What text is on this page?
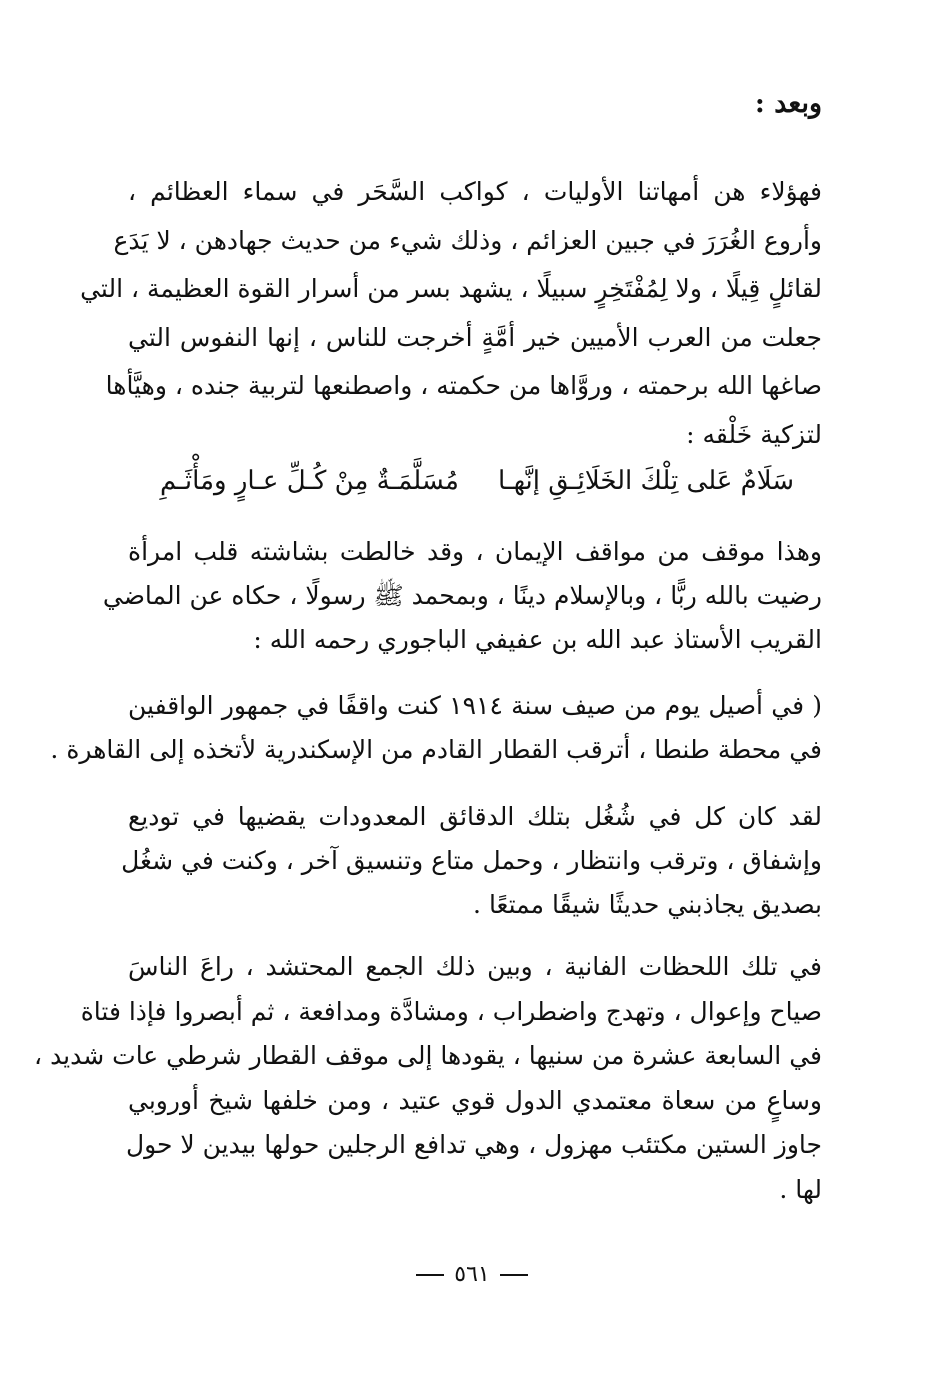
وبعد :
فهؤلاء هن أمهاتنا الأوليات ، كواكب السَّحَر في سماء العظائم ،
وأروع الغُرَرَ في جبين العزائم ، وذلك شيء من حديث جهادهن ، لا يَدَع
لقائلٍ قِيلًا ، ولا لِمُفْتَخِرٍ سبيلًا ، يشهد بسر من أسرار القوة العظيمة ، التي
جعلت من العرب الأميين خير أمَّةٍ أخرجت للناس ، إنها النفوس التي
صاغها الله برحمته ، وروَّاها من حكمته ، واصطنعها لتربية جنده ، وهيَّأها
لتزكية خَلْقه :
سَلَامٌ عَلى تِلْكَ الخَلَائِـقِ إنَّهـا
مُسَلَّمَـةٌ مِنْ كُـلِّ عـارٍ ومَأْثَـمِ
وهذا موقف من مواقف الإيمان ، وقد خالطت بشاشته قلب امرأة
رضيت بالله ربًّا ، وبالإسلام دينًا ، وبمحمد ﷺ رسولًا ، حكاه عن الماضي
القريب الأستاذ عبد الله بن عفيفي الباجوري رحمه الله :
( في أصيل يوم من صيف سنة ١٩١٤ كنت واقفًا في جمهور الواقفين
في محطة طنطا ، أترقب القطار القادم من الإسكندرية لأتخذه إلى القاهرة .
لقد كان كل في شُغُل بتلك الدقائق المعدودات يقضيها في توديع
وإشفاق ، وترقب وانتظار ، وحمل متاع وتنسيق آخر ، وكنت في شغُل
بصديق يجاذبني حديثًا شيقًا ممتعًا .
في تلك اللحظات الفانية ، وبين ذلك الجمع المحتشد ، راعَ الناسَ
صياح وإعوال ، وتهدج واضطراب ، ومشادَّة ومدافعة ، ثم أبصروا فإذا فتاة
في السابعة عشرة من سنيها ، يقودها إلى موقف القطار شرطي عات شديد ،
وساعٍ من سعاة معتمدي الدول قوي عتيد ، ومن خلفها شيخ أوروبي
جاوز الستين مكتئب مهزول ، وهي تدافع الرجلين حولها بيدين لا حول
لها .
٥٦١
